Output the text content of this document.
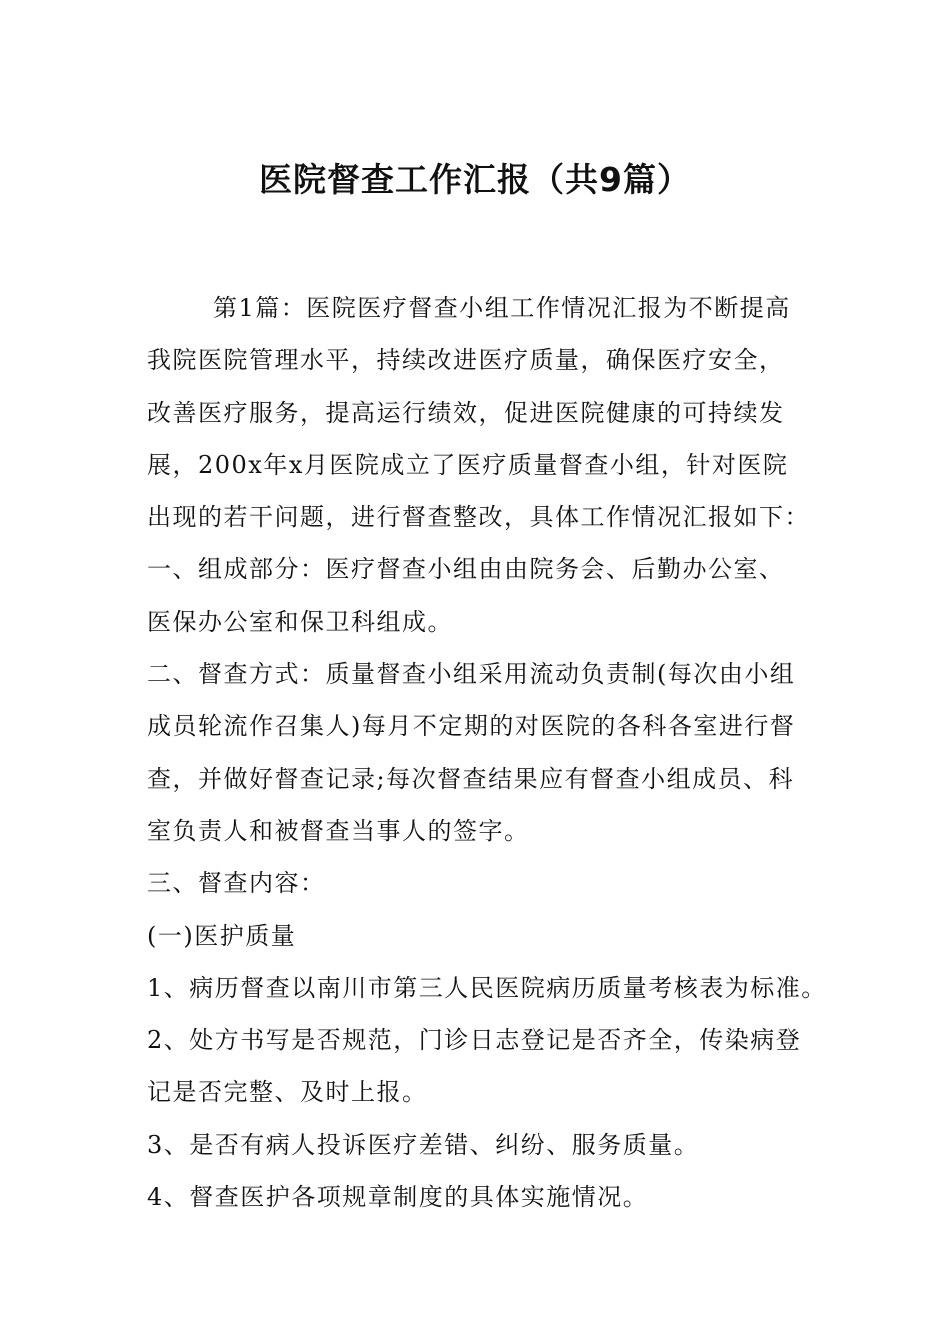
医院督查工作汇报（共9篇）
第1篇：医院医疗督查小组工作情况汇报为不断提高
我院医院管理水平，持续改进医疗质量，确保医疗安全，
改善医疗服务，提高运行绩效，促进医院健康的可持续发
展，200x年x月医院成立了医疗质量督查小组，针对医院
出现的若干问题，进行督查整改，具体工作情况汇报如下：
一、组成部分：医疗督查小组由由院务会、后勤办公室、
医保办公室和保卫科组成。
二、督查方式：质量督查小组采用流动负责制(每次由小组
成员轮流作召集人)每月不定期的对医院的各科各室进行督
查，并做好督查记录;每次督查结果应有督查小组成员、科
室负责人和被督查当事人的签字。
三、督查内容：
(一)医护质量
1、病历督查以南川市第三人民医院病历质量考核表为标准。
2、处方书写是否规范，门诊日志登记是否齐全，传染病登
记是否完整、及时上报。
3、是否有病人投诉医疗差错、纠纷、服务质量。
4、督查医护各项规章制度的具体实施情况。
